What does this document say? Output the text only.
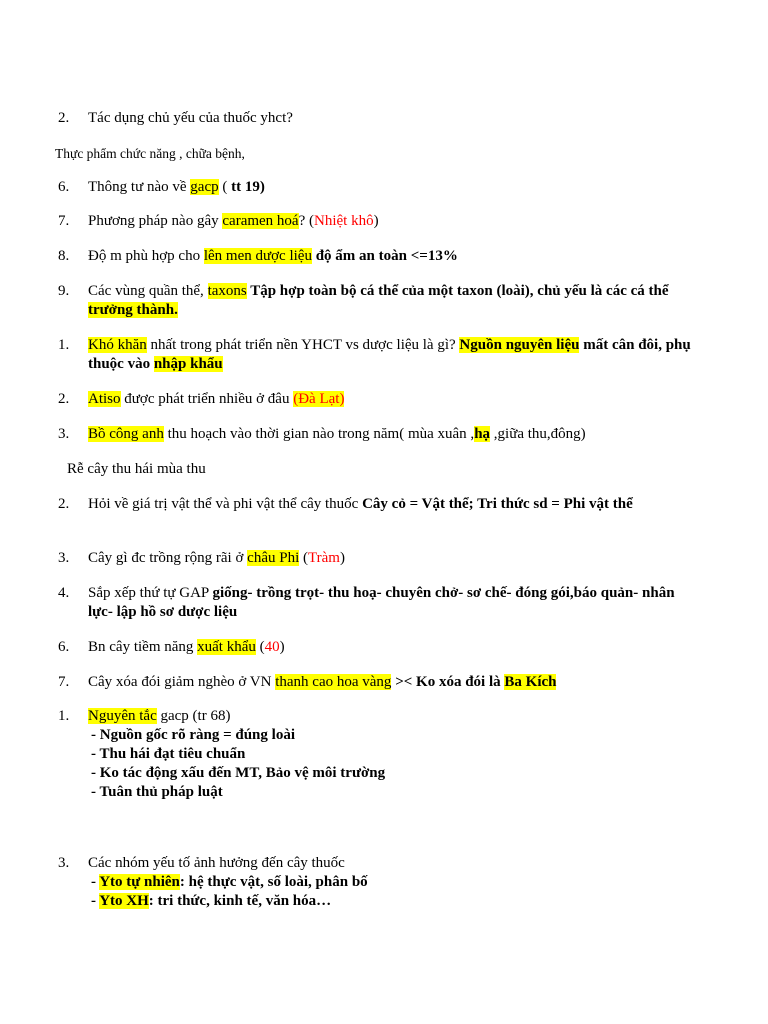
2.	Tác dụng chủ yếu của thuốc yhct?
Thực phẩm chức năng , chữa bệnh,
6.	Thông tư nào về gacp ( tt 19)
7.	Phương pháp nào gây caramen hoá? (Nhiệt khô)
8.	Độ m phù hợp cho lên men dược liệu độ ẩm an toàn <=13%
9.	Các vùng quần thể, taxons Tập hợp toàn bộ cá thể của một taxon (loài), chủ yếu là các cá thể trưởng thành.
1.	Khó khăn nhất trong phát triển nền YHCT vs dược liệu là gì? Nguồn nguyên liệu mất cân đôi, phụ thuộc vào nhập khẩu
2.	Atiso được phát triển nhiều ở đâu (Đà Lạt)
3.	Bồ công anh thu hoạch vào thời gian nào trong năm( mùa xuân ,hạ ,giữa thu,đông)
Rễ cây thu hái mùa thu
2.	Hỏi về giá trị vật thể và phi vật thể cây thuốc Cây cỏ = Vật thể; Tri thức sd = Phi vật thể
3.	Cây gì đc trồng rộng rãi ở châu Phi (Tràm)
4.	Sắp xếp thứ tự GAP giống- trồng trọt- thu hoạ- chuyên chở- sơ chế- đóng gói,báo quản- nhân lực- lập hồ sơ dược liệu
6.	Bn cây tiềm năng xuất khẩu (40)
7.	Cây xóa đói giảm nghèo ở VN thanh cao hoa vàng >< Ko xóa đói là Ba Kích
1.	Nguyên tắc gacp (tr 68)
- Nguồn gốc rõ ràng = đúng loài
- Thu hái đạt tiêu chuẩn
- Ko tác động xấu đến MT, Bảo vệ môi trường
- Tuân thủ pháp luật
3.	Các nhóm yếu tố ảnh hưởng đến cây thuốc
- Yto tự nhiên: hệ thực vật, số loài, phân bố
- Yto XH: tri thức, kinh tế, văn hóa…
